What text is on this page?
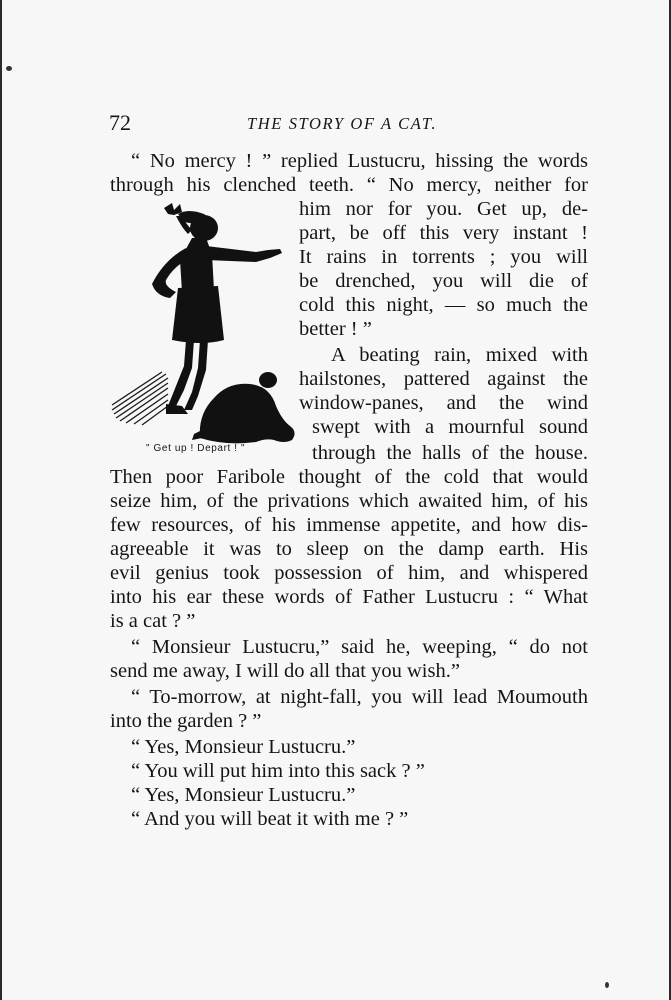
72	THE STORY OF A CAT.
“ No mercy ! ” replied Lustucru, hissing the words
through his clenched teeth. “ No mercy, neither for
him nor for you. Get up, de-
part, be off this very instant !
It rains in torrents ; you will
be drenched, you will die of
cold this night, — so much the
better ! ”
A beating rain, mixed with
hailstones, pattered against the
window-panes, and the wind
swept with a mournful sound
through the halls of the house.
Then poor Faribole thought of the cold that would
seize him, of the privations which awaited him, of his
few resources, of his immense appetite, and how dis-
agreeable it was to sleep on the damp earth. His
evil genius took possession of him, and whispered
into his ear these words of Father Lustucru : “ What
is a cat ? ”
“ Monsieur Lustucru,” said he, weeping, “ do not
send me away, I will do all that you wish.”
“ To-morrow, at night-fall, you will lead Moumouth
into the garden ? ”
“ Yes, Monsieur Lustucru.”
“ You will put him into this sack ? ”
“ Yes, Monsieur Lustucru.”
“ And you will beat it with me ? ”
" Get up ! Depart ! "
